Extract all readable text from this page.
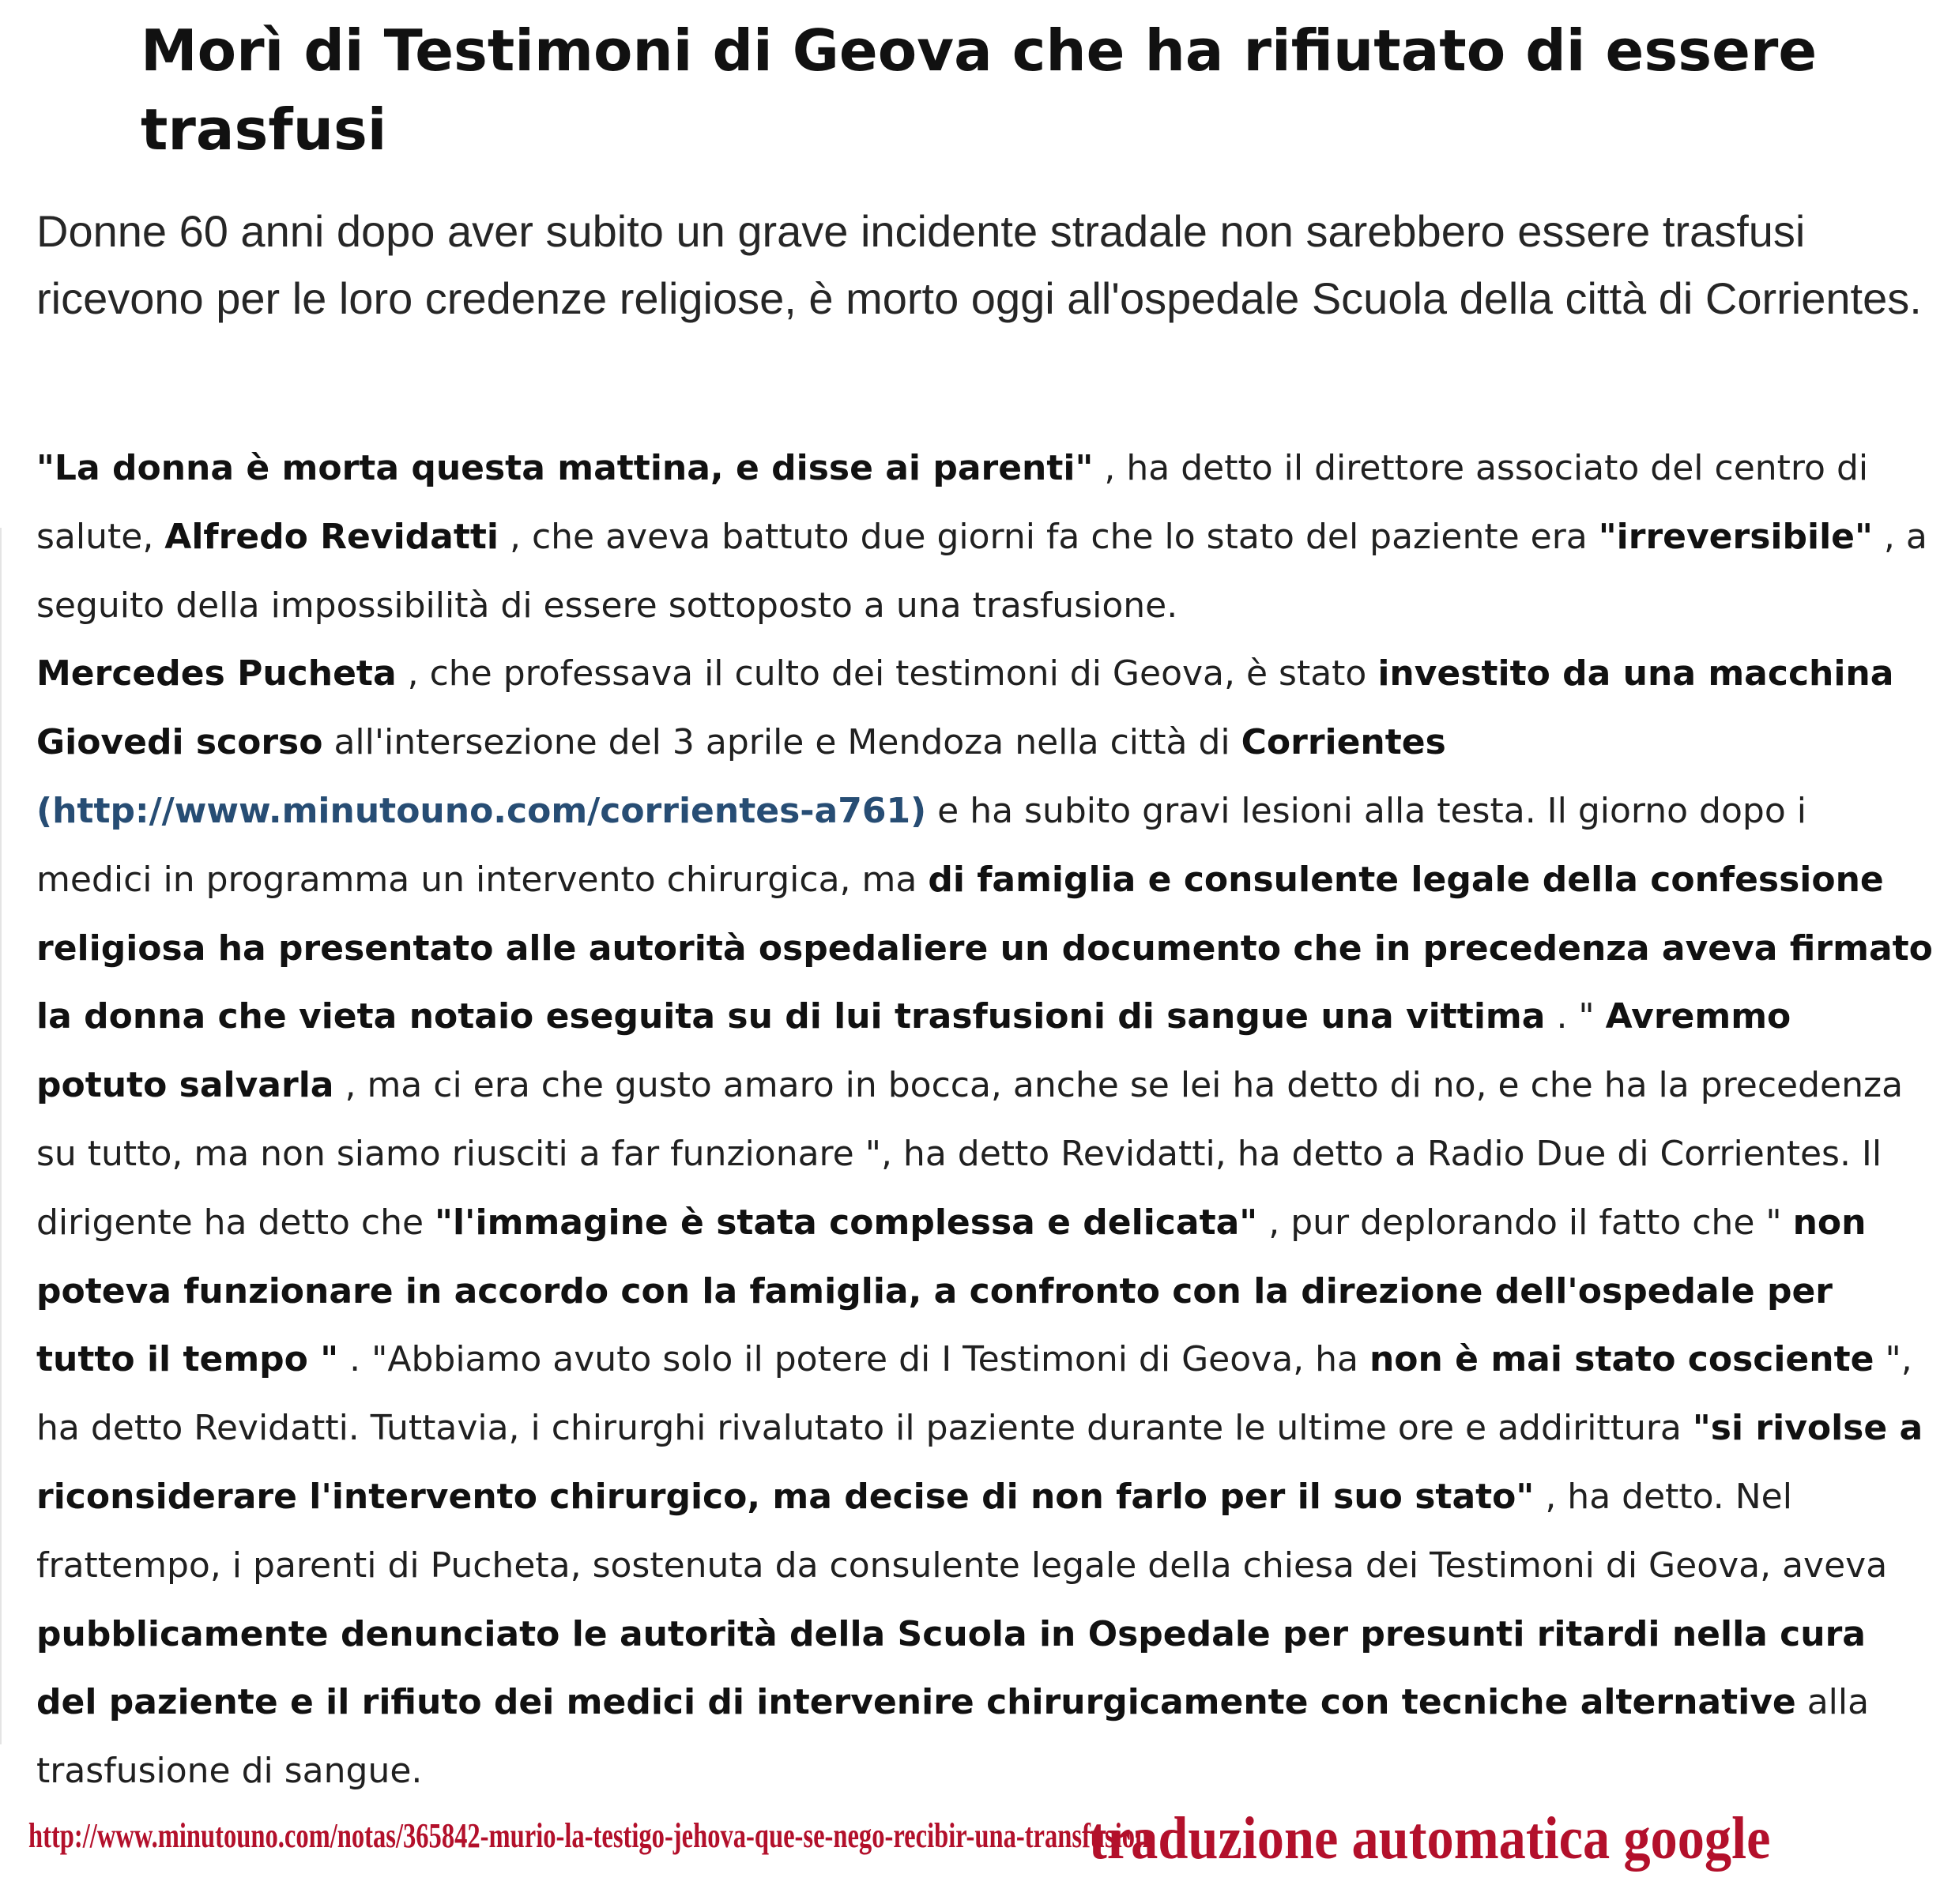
Morì di Testimoni di Geova che ha rifiutato di essere trasfusi

Donne 60 anni dopo aver subito un grave incidente stradale non sarebbero essere trasfusi ricevono per le loro credenze religiose, è morto oggi all'ospedale Scuola della città di Corrientes.

"La donna è morta questa mattina, e disse ai parenti" , ha detto il direttore associato del centro di salute, Alfredo Revidatti , che aveva battuto due giorni fa che lo stato del paziente era "irreversibile" , a seguito della impossibilità di essere sottoposto a una trasfusione.
Mercedes Pucheta , che professava il culto dei testimoni di Geova, è stato investito da una macchina Giovedi scorso all'intersezione del 3 aprile e Mendoza nella città di Corrientes (http://www.minutouno.com/corrientes-a761) e ha subito gravi lesioni alla testa. Il giorno dopo i medici in programma un intervento chirurgica, ma di famiglia e consulente legale della confessione religiosa ha presentato alle autorità ospedaliere un documento che in precedenza aveva firmato la donna che vieta notaio eseguita su di lui trasfusioni di sangue una vittima . " Avremmo potuto salvarla , ma ci era che gusto amaro in bocca, anche se lei ha detto di no, e che ha la precedenza su tutto, ma non siamo riusciti a far funzionare ", ha detto Revidatti, ha detto a Radio Due di Corrientes. Il dirigente ha detto che "l'immagine è stata complessa e delicata" , pur deplorando il fatto che " non poteva funzionare in accordo con la famiglia, a confronto con la direzione dell'ospedale per tutto il tempo " . "Abbiamo avuto solo il potere di I Testimoni di Geova, ha non è mai stato cosciente ", ha detto Revidatti. Tuttavia, i chirurghi rivalutato il paziente durante le ultime ore e addirittura "si rivolse a riconsiderare l'intervento chirurgico, ma decise di non farlo per il suo stato" , ha detto. Nel frattempo, i parenti di Pucheta, sostenuta da consulente legale della chiesa dei Testimoni di Geova, aveva pubblicamente denunciato le autorità della Scuola in Ospedale per presunti ritardi nella cura del paziente e il rifiuto dei medici di intervenire chirurgicamente con tecniche alternative alla trasfusione di sangue.

http://www.minutouno.com/notas/365842-murio-la-testigo-jehova-que-se-nego-recibir-una-transfusion
traduzione automatica google
